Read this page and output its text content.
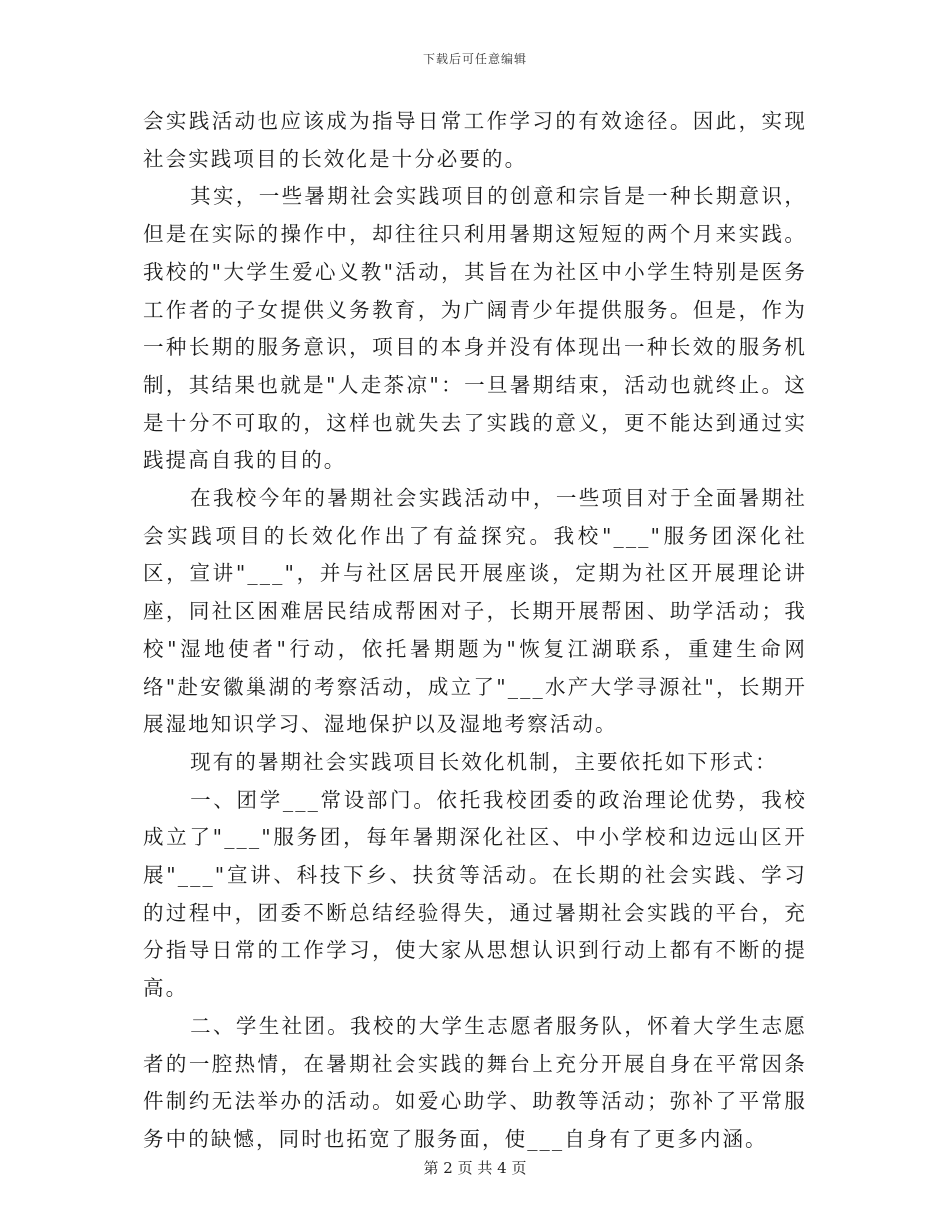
下载后可任意编辑

会实践活动也应该成为指导日常工作学习的有效途径。因此，实现社会实践项目的长效化是十分必要的。

其实，一些暑期社会实践项目的创意和宗旨是一种长期意识，但是在实际的操作中，却往往只利用暑期这短短的两个月来实践。我校的"大学生爱心义教"活动，其旨在为社区中小学生特别是医务工作者的子女提供义务教育，为广阔青少年提供服务。但是，作为一种长期的服务意识，项目的本身并没有体现出一种长效的服务机制，其结果也就是"人走茶凉"：一旦暑期结束，活动也就终止。这是十分不可取的，这样也就失去了实践的意义，更不能达到通过实践提高自我的目的。

在我校今年的暑期社会实践活动中，一些项目对于全面暑期社会实践项目的长效化作出了有益探究。我校"___"服务团深化社区，宣讲"___"，并与社区居民开展座谈，定期为社区开展理论讲座，同社区困难居民结成帮困对子，长期开展帮困、助学活动；我校"湿地使者"行动，依托暑期题为"恢复江湖联系，重建生命网络"赴安徽巢湖的考察活动，成立了"___水产大学寻源社"，长期开展湿地知识学习、湿地保护以及湿地考察活动。

现有的暑期社会实践项目长效化机制，主要依托如下形式：

一、团学___常设部门。依托我校团委的政治理论优势，我校成立了"___"服务团，每年暑期深化社区、中小学校和边远山区开展"___"宣讲、科技下乡、扶贫等活动。在长期的社会实践、学习的过程中，团委不断总结经验得失，通过暑期社会实践的平台，充分指导日常的工作学习，使大家从思想认识到行动上都有不断的提高。

二、学生社团。我校的大学生志愿者服务队，怀着大学生志愿者的一腔热情，在暑期社会实践的舞台上充分开展自身在平常因条件制约无法举办的活动。如爱心助学、助教等活动；弥补了平常服务中的缺憾，同时也拓宽了服务面，使___自身有了更多内涵。

第 2 页 共 4 页
